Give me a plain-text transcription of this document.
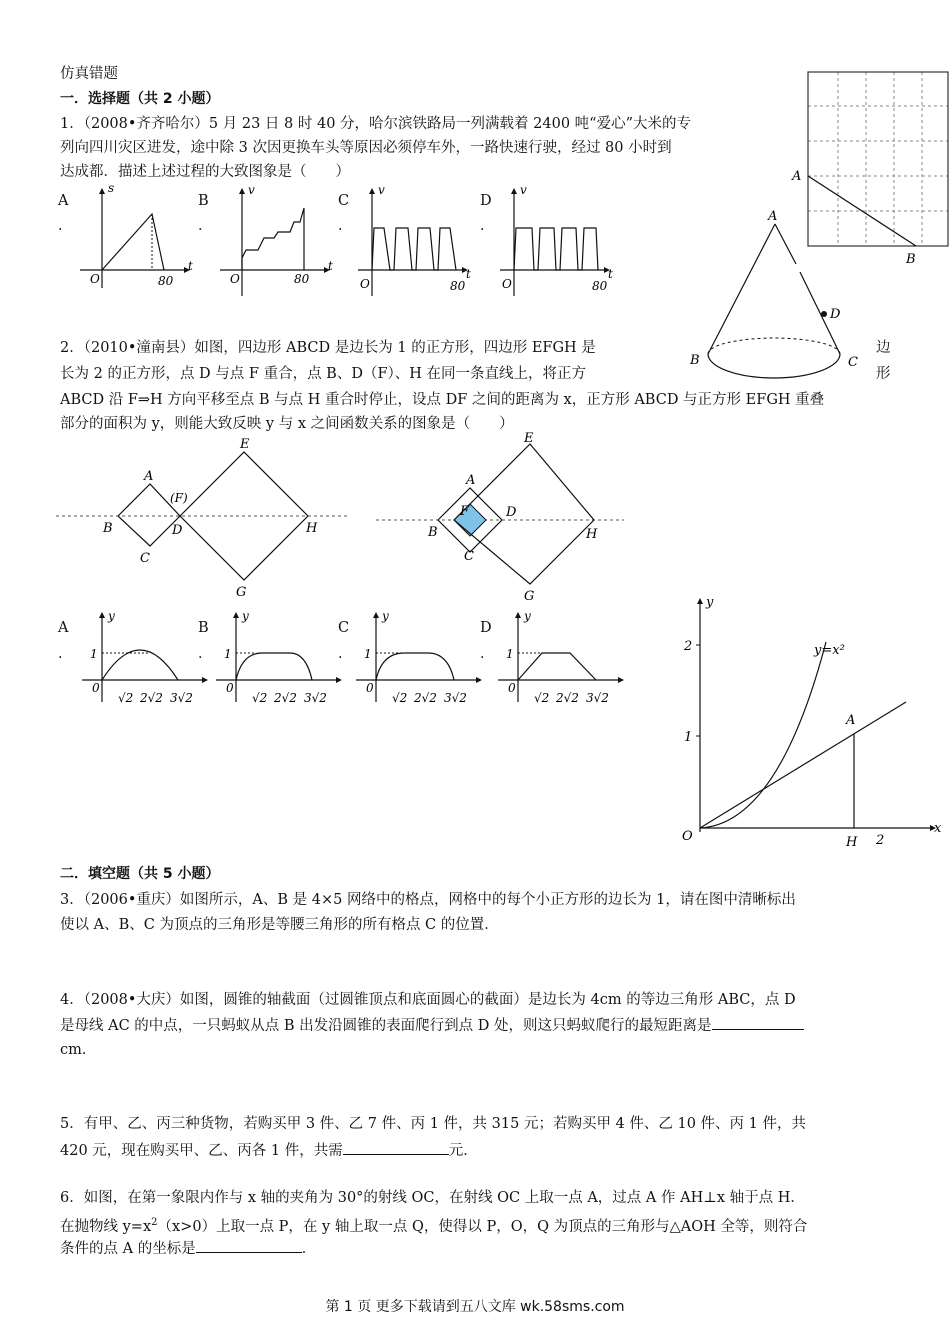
仿真错题
一．选择题（共 2 小题）
1．（2008•齐齐哈尔）5 月 23 日 8 时 40 分，哈尔滨铁路局一列满载着 2400 吨“爱心”大米的专
列向四川灾区进发，途中除 3 次因更换车头等原因必须停车外，一路快速行驶，经过 80 小时到
达成都．描述上述过程的大致图象是（　　）
A
．
B
．
C
．
D
．
s
t
O	80
v
t
O	80
v
t
O	80
v
t
O	80
A
B
A
D
B	C
2．（2010•潼南县）如图，四边形 ABCD 是边长为 1 的正方形，四边形 EFGH 是	边
长为 2 的正方形，点 D 与点 F 重合，点 B、D（F）、H 在同一条直线上，将正方	形
ABCD 沿 F⇒H 方向平移至点 B 与点 H 重合时停止，设点 DF 之间的距离为 x，正方形 ABCD 与正方形 EFGH 重叠
部分的面积为 y，则能大致反映 y 与 x 之间函数关系的图象是（　　）
A
(F)
B	D
C
E
H
G
A
F	D
B
C
E
H
G
A
．
B
．
C
．
D
．
y
1
0
√2 2√2 3√2
y
1
0
√2 2√2 3√2
y
1
0
√2 2√2 3√2
y
1
0
√2 2√2 3√2
y
x
O
2
1
2
H
A
y=x²
二．填空题（共 5 小题）
3．（2006•重庆）如图所示，A、B 是 4×5 网络中的格点，网格中的每个小正方形的边长为 1，请在图中清晰标出
使以 A、B、C 为顶点的三角形是等腰三角形的所有格点 C 的位置．
4．（2008•大庆）如图，圆锥的轴截面（过圆锥顶点和底面圆心的截面）是边长为 4cm 的等边三角形 ABC，点 D
是母线 AC 的中点，一只蚂蚁从点 B 出发沿圆锥的表面爬行到点 D 处，则这只蚂蚁爬行的最短距离是
cm．
5．有甲、乙、丙三种货物，若购买甲 3 件、乙 7 件、丙 1 件，共 315 元；若购买甲 4 件、乙 10 件、丙 1 件，共
420 元，现在购买甲、乙、丙各 1 件，共需	元．
6．如图，在第一象限内作与 x 轴的夹角为 30°的射线 OC，在射线 OC 上取一点 A，过点 A 作 AH⊥x 轴于点 H．
在抛物线 $y=x^2(x>0)$上取一点 P，在 y 轴上取一点 Q，使得以 P，O，Q 为顶点的三角形与△AOH 全等，则符合
条件的点 A 的坐标是	．
第 1 页 更多下载请到五八文库 wk.58sms.com
